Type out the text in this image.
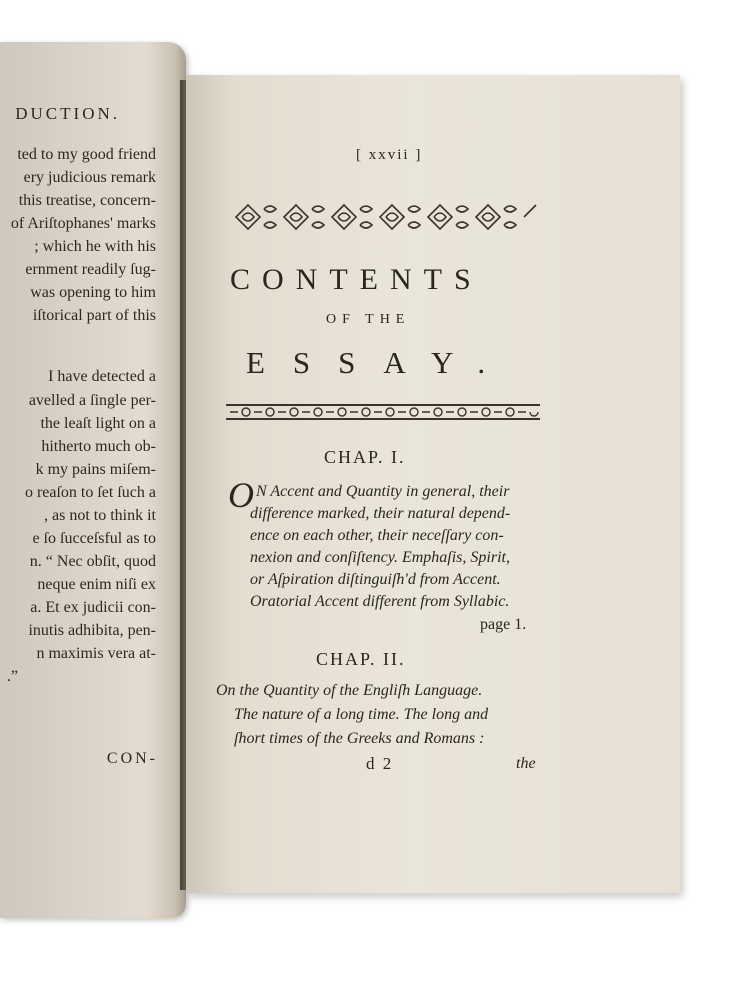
DUCTION.
ted to my good friend
ery judicious remark
this treatise, concern-
of Ariſtophanes' marks
; which he with his
ernment readily ſug-
was opening to him
iſtorical part of this
I have detected a
avelled a ſingle per-
the leaſt light on a
hitherto much ob-
k my pains miſem-
o reaſon to ſet ſuch a
, as not to think it
e ſo ſucceſsful as to
n. “ Nec obſit, quod
neque enim niſi ex
a. Et ex judicii con-
inutis adhibita, pen-
n maximis vera at-
.”
CON-
[ xxvii ]
CONTENTS
OF THE
ESSAY.
CHAP. I.
O N Accent and Quantity in general, their
difference marked, their natural depend-
ence on each other, their neceſſary con-
nexion and conſiſtency. Emphaſis, Spirit,
or Aſpiration diſtinguiſh'd from Accent.
Oratorial Accent different from Syllabic.
page 1.
CHAP. II.
On the Quantity of the Engliſh Language.
The nature of a long time. The long and
ſhort times of the Greeks and Romans :
d 2	the
